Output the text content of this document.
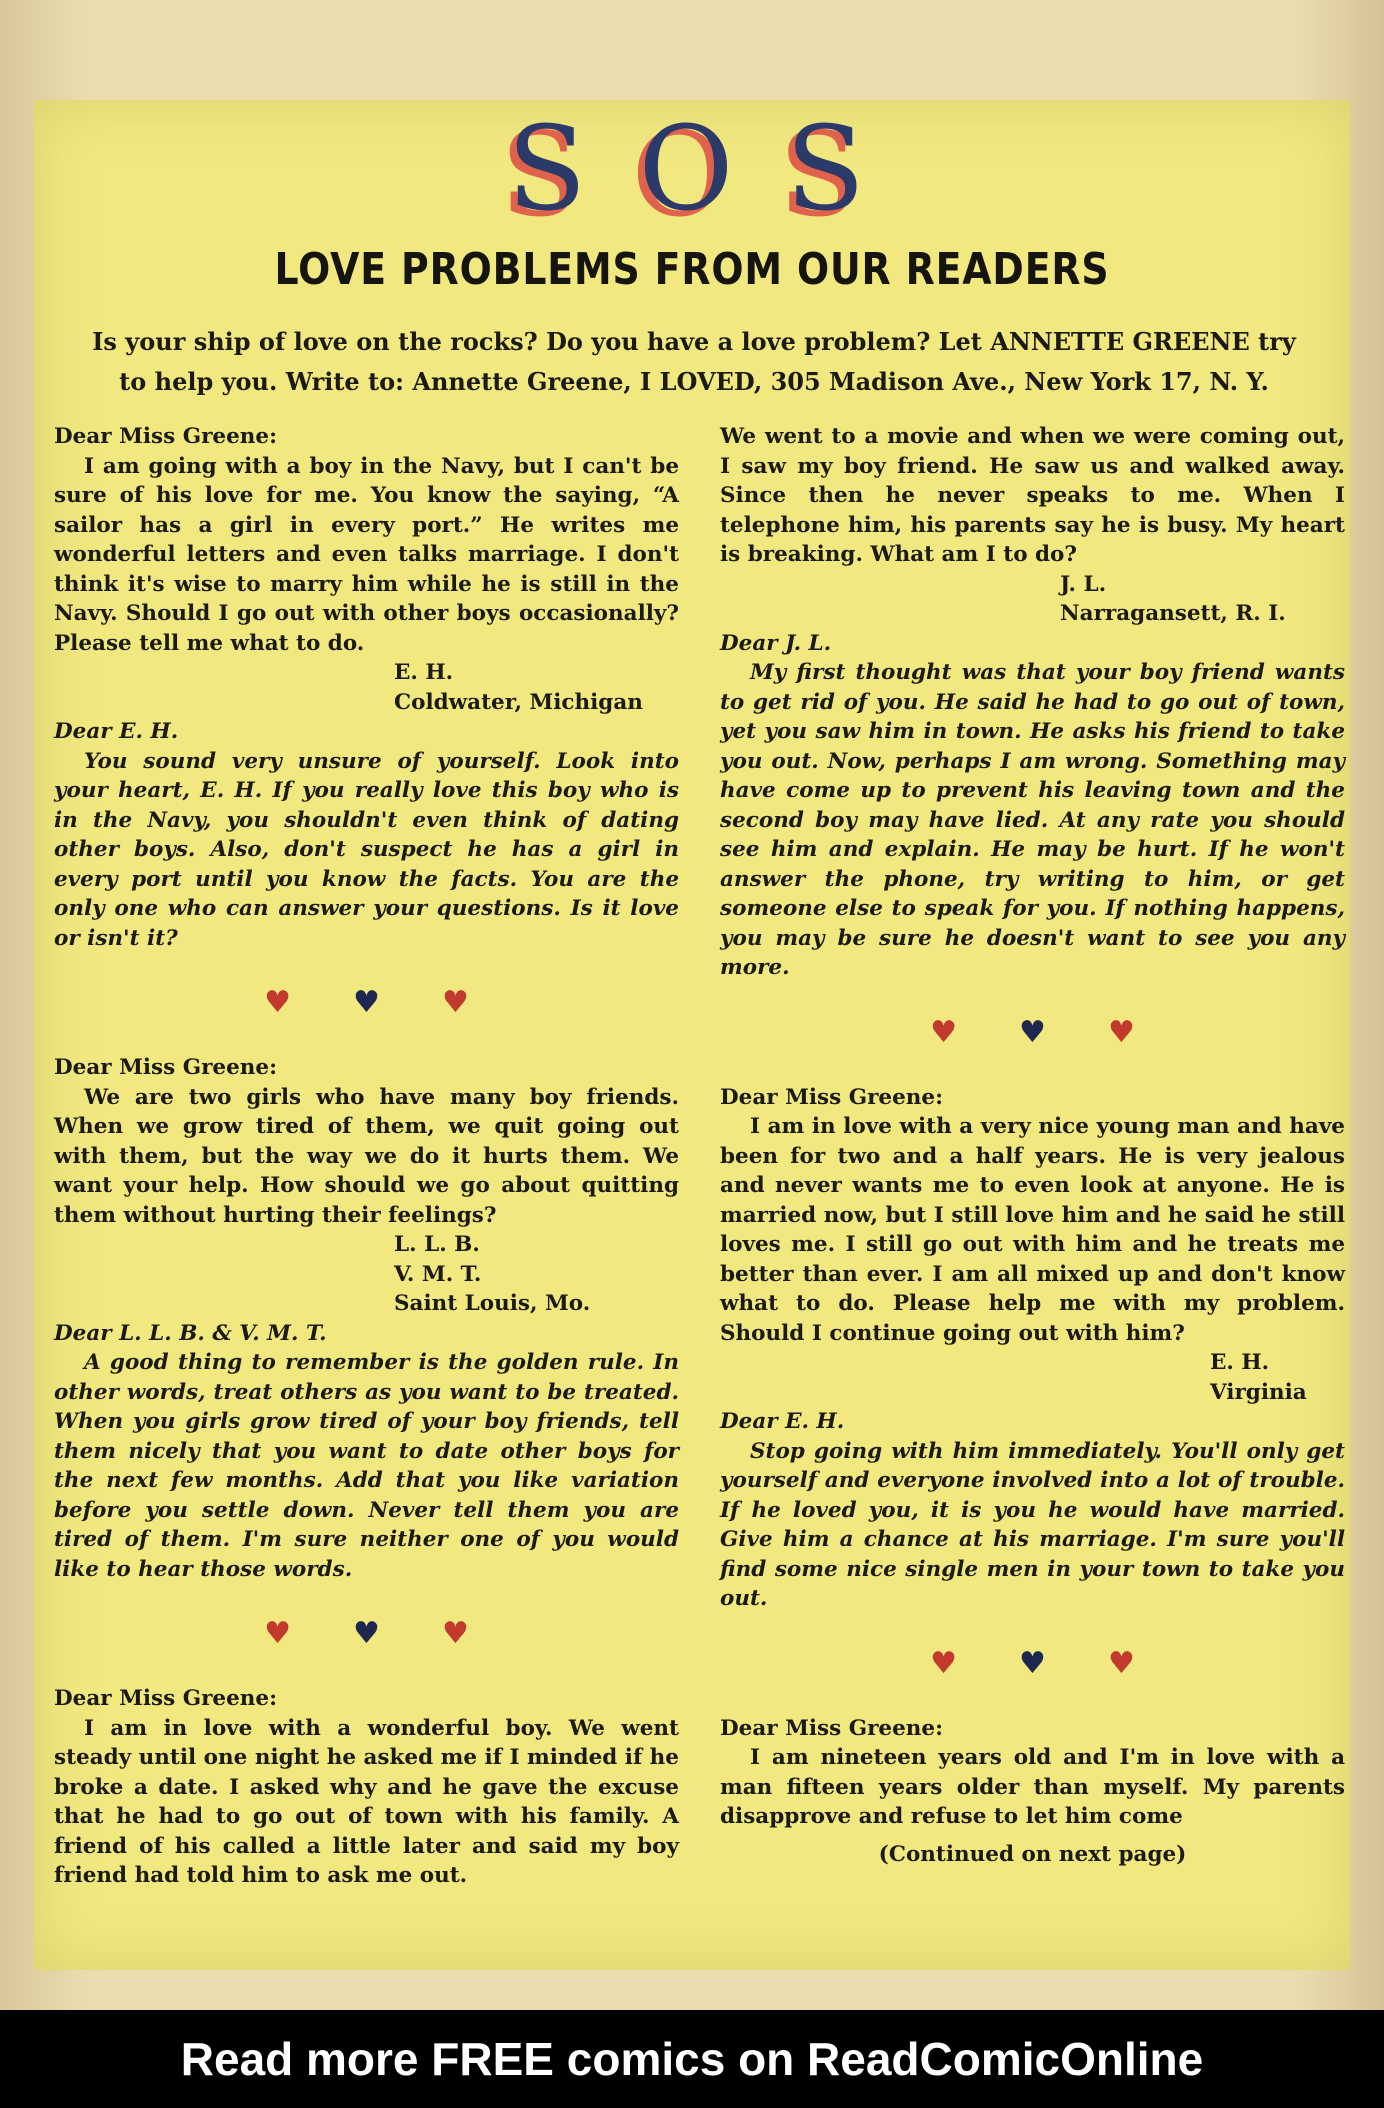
SOS
LOVE PROBLEMS FROM OUR READERS
Is your ship of love on the rocks? Do you have a love problem? Let ANNETTE GREENE try to help you. Write to: Annette Greene, I LOVED, 305 Madison Ave., New York 17, N. Y.

Dear Miss Greene:

I am going with a boy in the Navy, but I can't be sure of his love for me. You know the saying, “A sailor has a girl in every port.” He writes me wonderful letters and even talks marriage. I don't think it's wise to marry him while he is still in the Navy. Should I go out with other boys occasionally? Please tell me what to do.

E. H.
Coldwater, Michigan

Dear E. H.

You sound very unsure of yourself. Look into your heart, E. H. If you really love this boy who is in the Navy, you shouldn't even think of dating other boys. Also, don't suspect he has a girl in every port until you know the facts. You are the only one who can answer your questions. Is it love or isn't it?

♥ ♥ ♥

Dear Miss Greene:

We are two girls who have many boy friends. When we grow tired of them, we quit going out with them, but the way we do it hurts them. We want your help. How should we go about quitting them without hurting their feelings?

L. L. B.
V. M. T.
Saint Louis, Mo.

Dear L. L. B. & V. M. T.

A good thing to remember is the golden rule. In other words, treat others as you want to be treated. When you girls grow tired of your boy friends, tell them nicely that you want to date other boys for the next few months. Add that you like variation before you settle down. Never tell them you are tired of them. I'm sure neither one of you would like to hear those words.

♥ ♥ ♥

Dear Miss Greene:

I am in love with a wonderful boy. We went steady until one night he asked me if I minded if he broke a date. I asked why and he gave the excuse that he had to go out of town with his family. A friend of his called a little later and said my boy friend had told him to ask me out.

We went to a movie and when we were coming out, I saw my boy friend. He saw us and walked away. Since then he never speaks to me. When I telephone him, his parents say he is busy. My heart is breaking. What am I to do?

J. L.
Narragansett, R. I.

Dear J. L.

My first thought was that your boy friend wants to get rid of you. He said he had to go out of town, yet you saw him in town. He asks his friend to take you out. Now, perhaps I am wrong. Something may have come up to prevent his leaving town and the second boy may have lied. At any rate you should see him and explain. He may be hurt. If he won't answer the phone, try writing to him, or get someone else to speak for you. If nothing happens, you may be sure he doesn't want to see you any more.

♥ ♥ ♥

Dear Miss Greene:

I am in love with a very nice young man and have been for two and a half years. He is very jealous and never wants me to even look at anyone. He is married now, but I still love him and he said he still loves me. I still go out with him and he treats me better than ever. I am all mixed up and don't know what to do. Please help me with my problem. Should I continue going out with him?

E. H.
Virginia

Dear E. H.

Stop going with him immediately. You'll only get yourself and everyone involved into a lot of trouble. If he loved you, it is you he would have married. Give him a chance at his marriage. I'm sure you'll find some nice single men in your town to take you out.

♥ ♥ ♥

Dear Miss Greene:

I am nineteen years old and I'm in love with a man fifteen years older than myself. My parents disapprove and refuse to let him come

(Continued on next page)
Read more FREE comics on ReadComicOnline
